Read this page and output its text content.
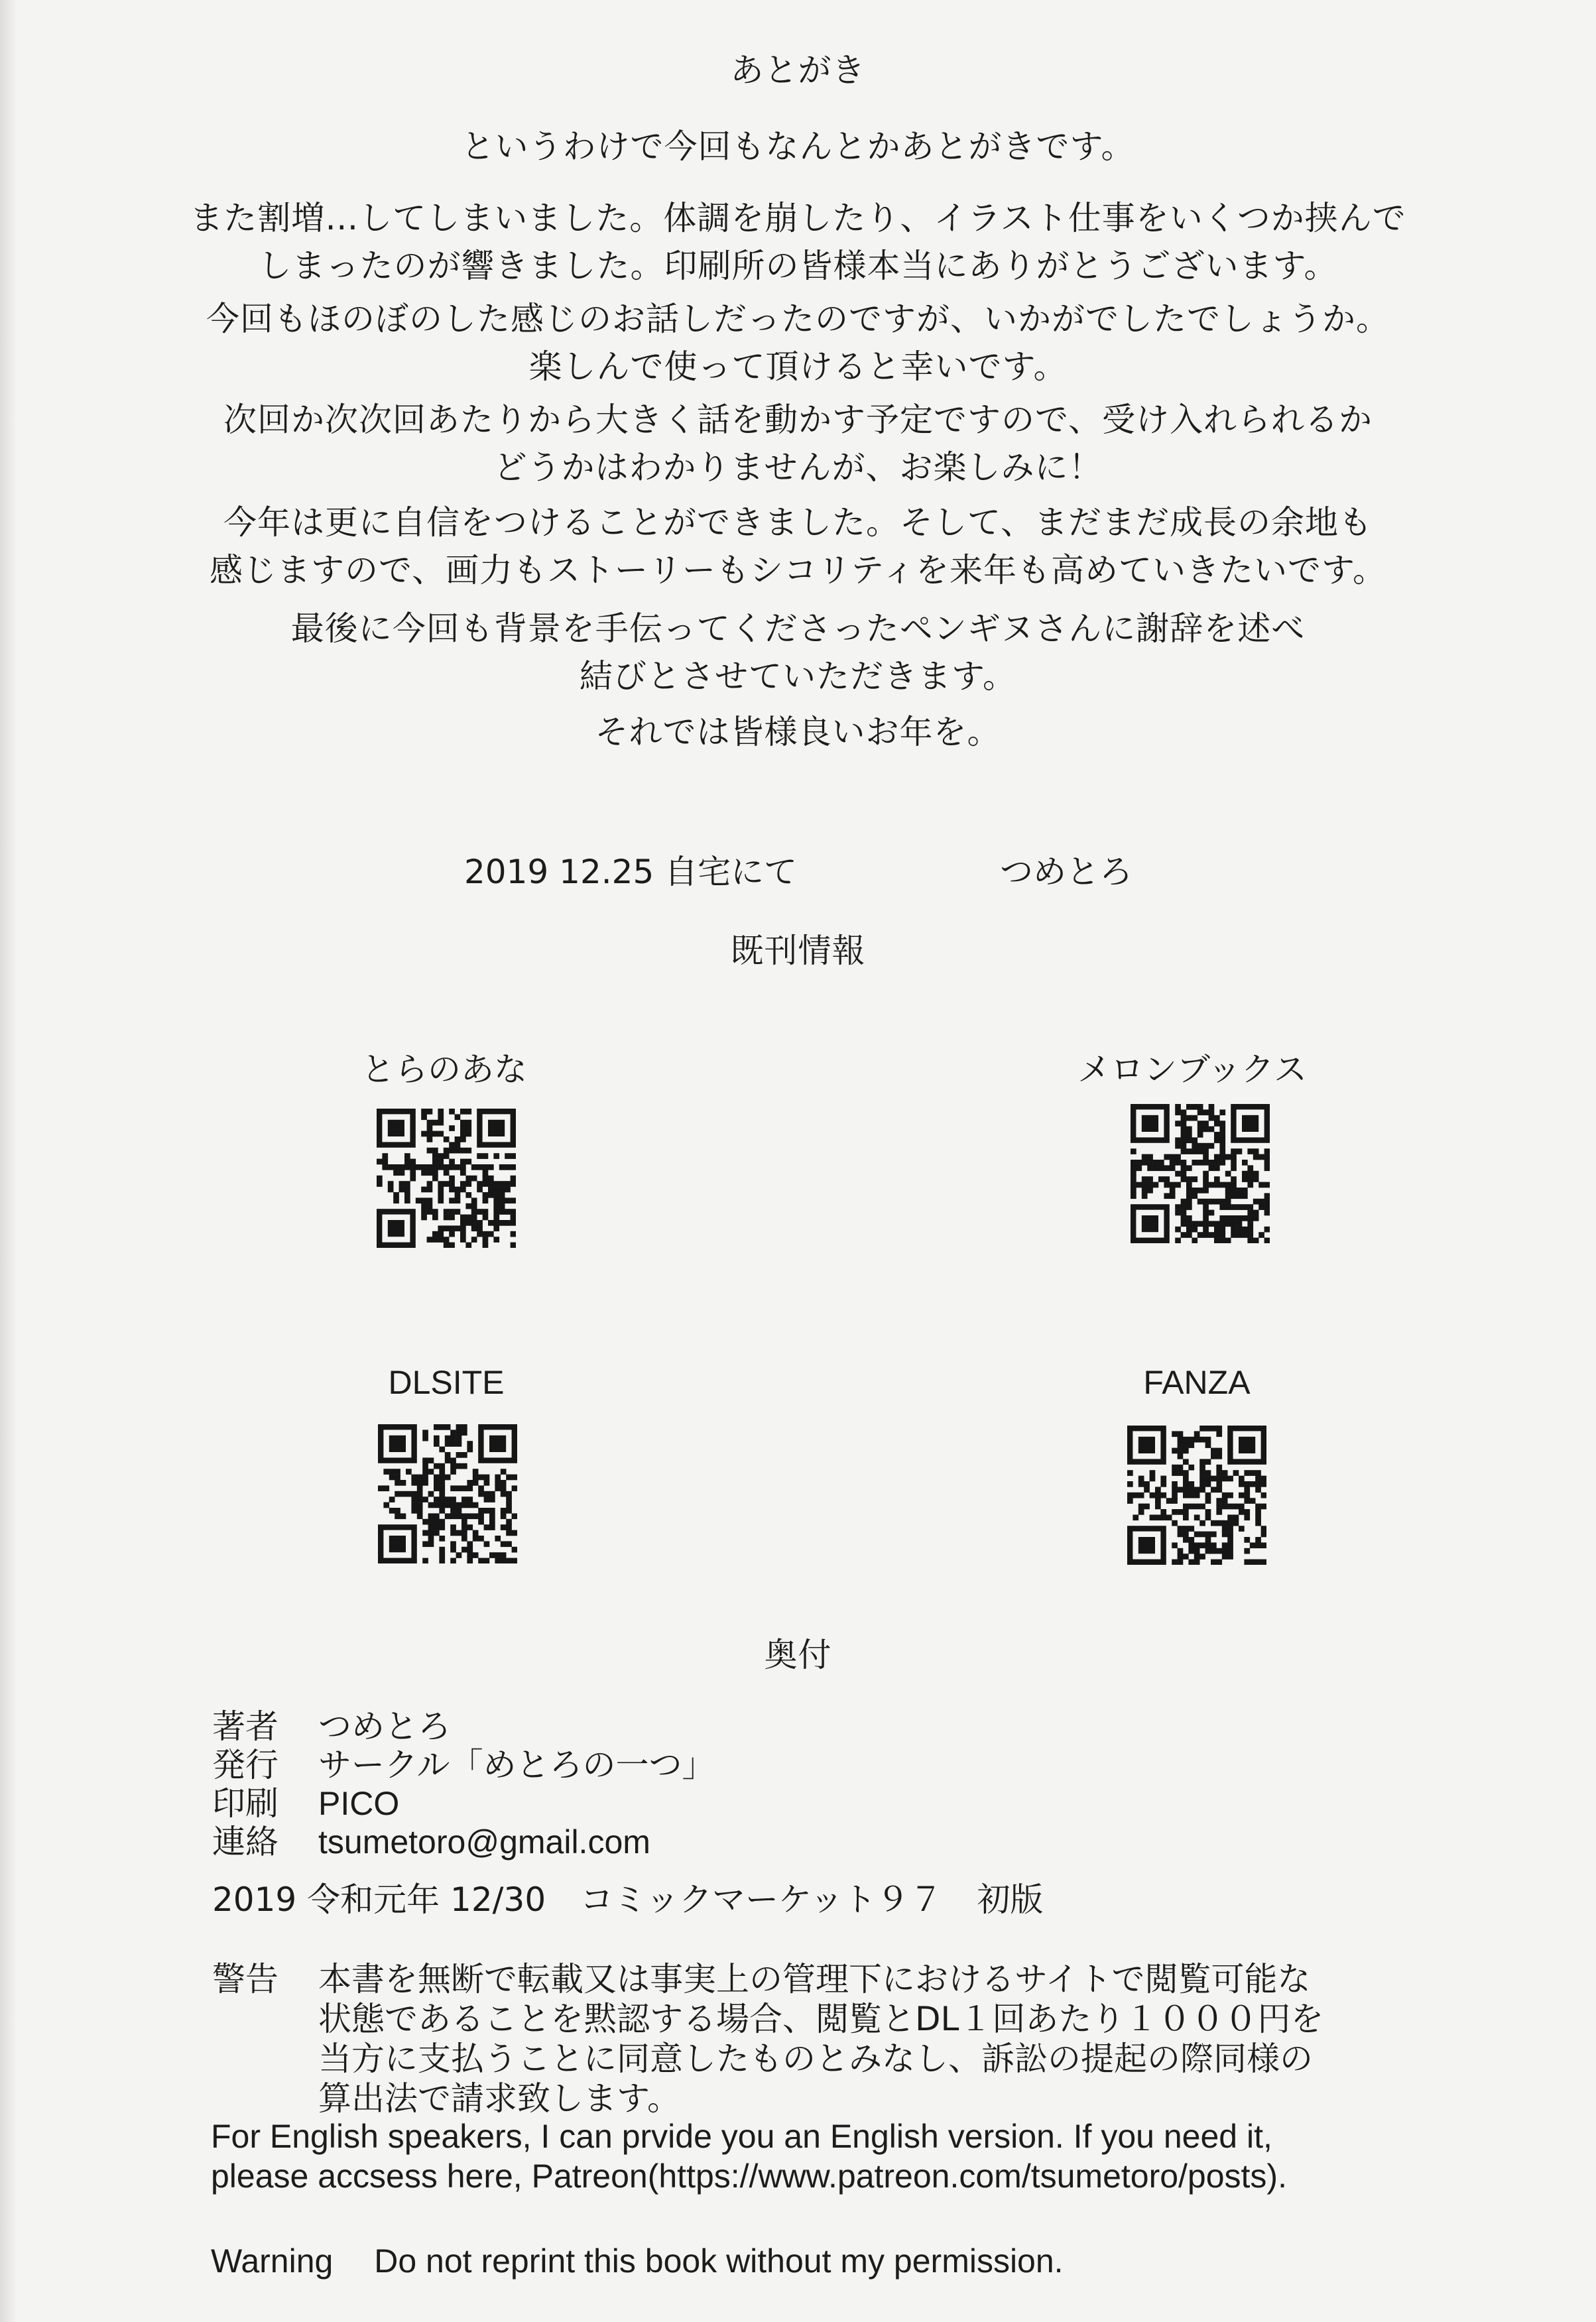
あとがき

というわけで今回もなんとかあとがきです。

また割増…してしまいました。体調を崩したり、イラスト仕事をいくつか挟んで

しまったのが響きました。印刷所の皆様本当にありがとうございます。

今回もほのぼのした感じのお話しだったのですが、いかがでしたでしょうか。

楽しんで使って頂けると幸いです。

次回か次次回あたりから大きく話を動かす予定ですので、受け入れられるか

どうかはわかりませんが、お楽しみに！

今年は更に自信をつけることができました。そして、まだまだ成長の余地も

感じますので、画力もストーリーもシコリティを来年も高めていきたいです。

最後に今回も背景を手伝ってくださったペンギヌさんに謝辞を述べ

結びとさせていただきます。

それでは皆様良いお年を。

2019 12.25 自宅にて	つめとろ
既刊情報
とらのあな	メロンブックス
DLSITE	FANZA
奥付
著者	つめとろ
発行	サークル「めとろの一つ」
印刷	PICO
連絡	tsumetoro@gmail.com
2019 令和元年 12/30 コミックマーケット９７ 初版
警告	本書を無断で転載又は事実上の管理下におけるサイトで閲覧可能な

状態であることを黙認する場合、閲覧とDL１回あたり１０００円を

当方に支払うことに同意したものとみなし、訴訟の提起の際同様の

算出法で請求致します。

For English speakers, I can prvide you an English version. If you need it,

please accsess here, Patreon(https://www.patreon.com/tsumetoro/posts).

Warning Do not reprint this book without my permission.
